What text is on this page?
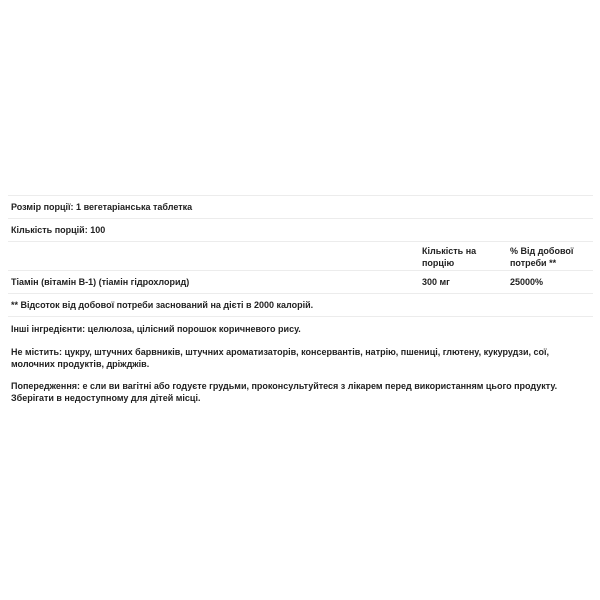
Розмір порції: 1 вегетаріанська таблетка
Кількість порцій: 100
Кількість на
порцію
% Від добової
потреби **
Тіамін (вітамін B-1) (тіамін гідрохлорид)	300 мг	25000%
** Відсоток від добової потреби заснований на дієті в 2000 калорій.
Інші інгредієнти: целюлоза, цілісний порошок коричневого рису.
Не містить: цукру, штучних барвників, штучних ароматизаторів, консервантів, натрію, пшениці, глютену, кукурудзи, сої, молочних продуктів, дріжджів.
Попередження: е сли ви вагітні або годуєте грудьми, проконсультуйтеся з лікарем перед використанням цього продукту.
Зберігати в недоступному для дітей місці.
